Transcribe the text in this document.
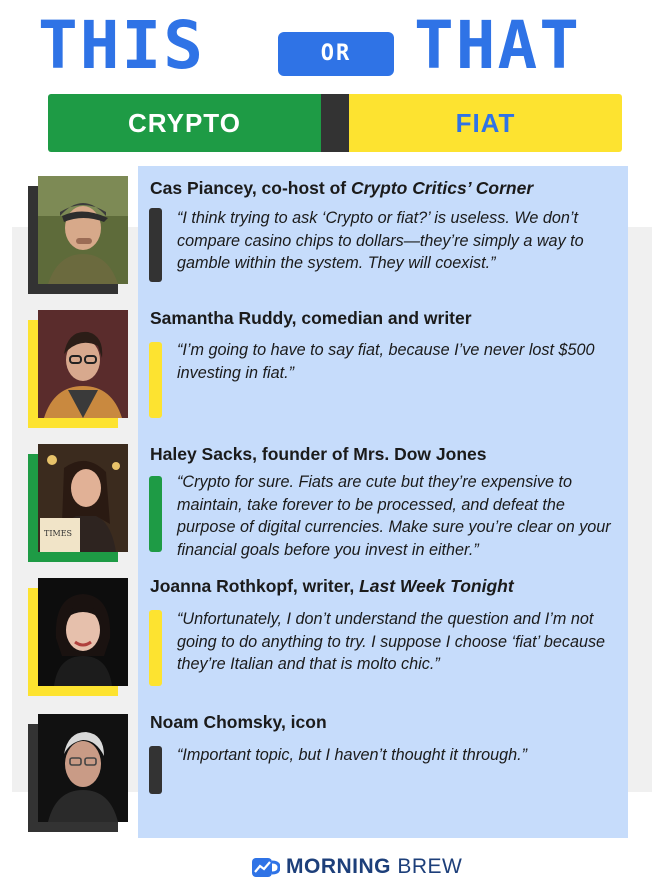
THIS	OR THAT
CRYPTO	FIAT
Cas Piancey, co-host of Crypto Critics’ Corner
“I think trying to ask ‘Crypto or fiat?’ is useless. We don’t compare casino chips to dollars—they’re simply a way to gamble within the system. They will coexist.”
Samantha Ruddy, comedian and writer
“I’m going to have to say fiat, because I’ve never lost $500 investing in fiat.”
TIMES
Haley Sacks, founder of Mrs. Dow Jones
“Crypto for sure. Fiats are cute but they’re expensive to maintain, take forever to be processed, and defeat the purpose of digital currencies. Make sure you’re clear on your financial goals before you invest in either.”
Joanna Rothkopf, writer, Last Week Tonight
“Unfortunately, I don’t understand the question and I’m not going to do anything to try. I suppose I choose ‘fiat’ because they’re Italian and that is molto chic.”
Noam Chomsky, icon
“Important topic, but I haven’t thought it through.”
MORNING BREW
